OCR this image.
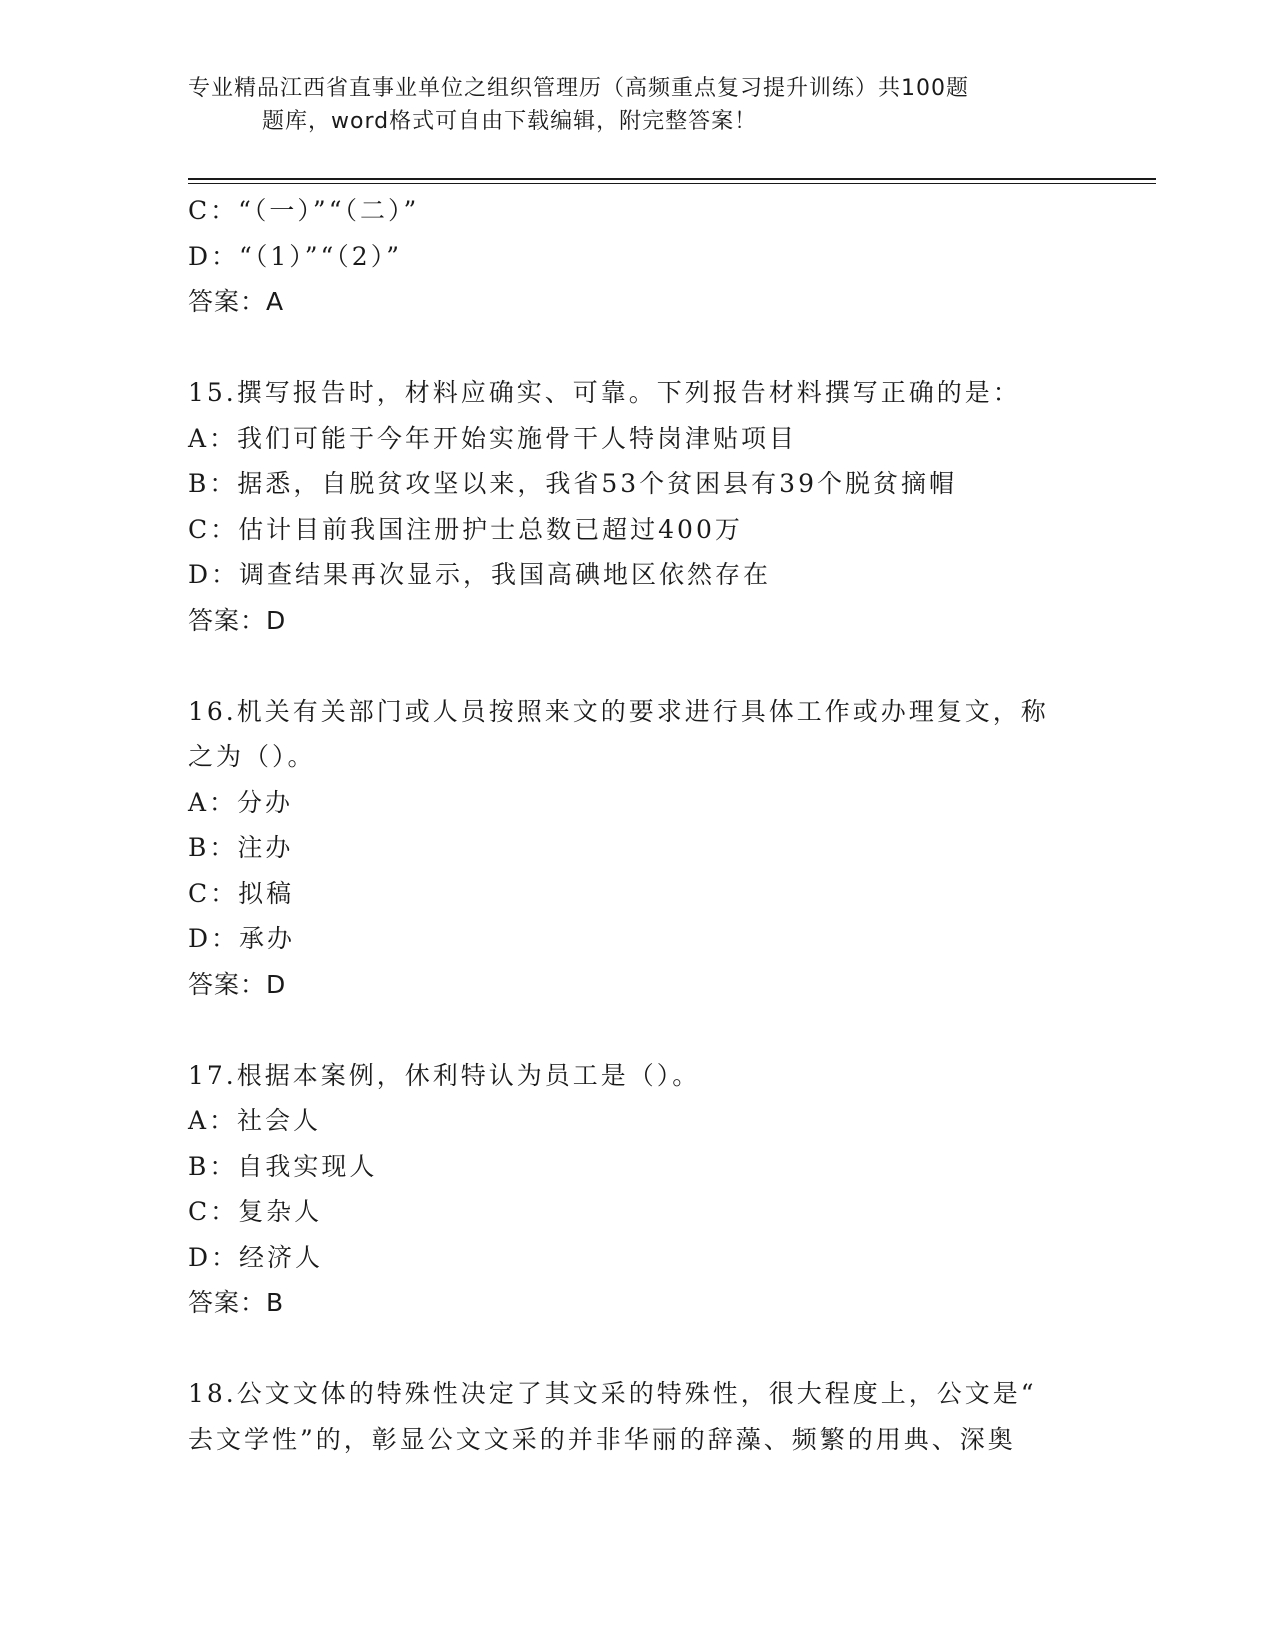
专业精品江西省直事业单位之组织管理历（高频重点复习提升训练）共100题
题库，word格式可自由下载编辑，附完整答案！
C：“（一）”“（二）”
D：“（1）”“（2）”
答案：A
15.撰写报告时，材料应确实、可靠。下列报告材料撰写正确的是：
A：我们可能于今年开始实施骨干人特岗津贴项目
B：据悉，自脱贫攻坚以来，我省53个贫困县有39个脱贫摘帽
C：估计目前我国注册护士总数已超过400万
D：调查结果再次显示，我国高碘地区依然存在
答案：D
16.机关有关部门或人员按照来文的要求进行具体工作或办理复文，称
之为（）。
A：分办
B：注办
C：拟稿
D：承办
答案：D
17.根据本案例，休利特认为员工是（）。
A：社会人
B：自我实现人
C：复杂人
D：经济人
答案：B
18.公文文体的特殊性决定了其文采的特殊性，很大程度上，公文是“
去文学性”的，彰显公文文采的并非华丽的辞藻、频繁的用典、深奥
